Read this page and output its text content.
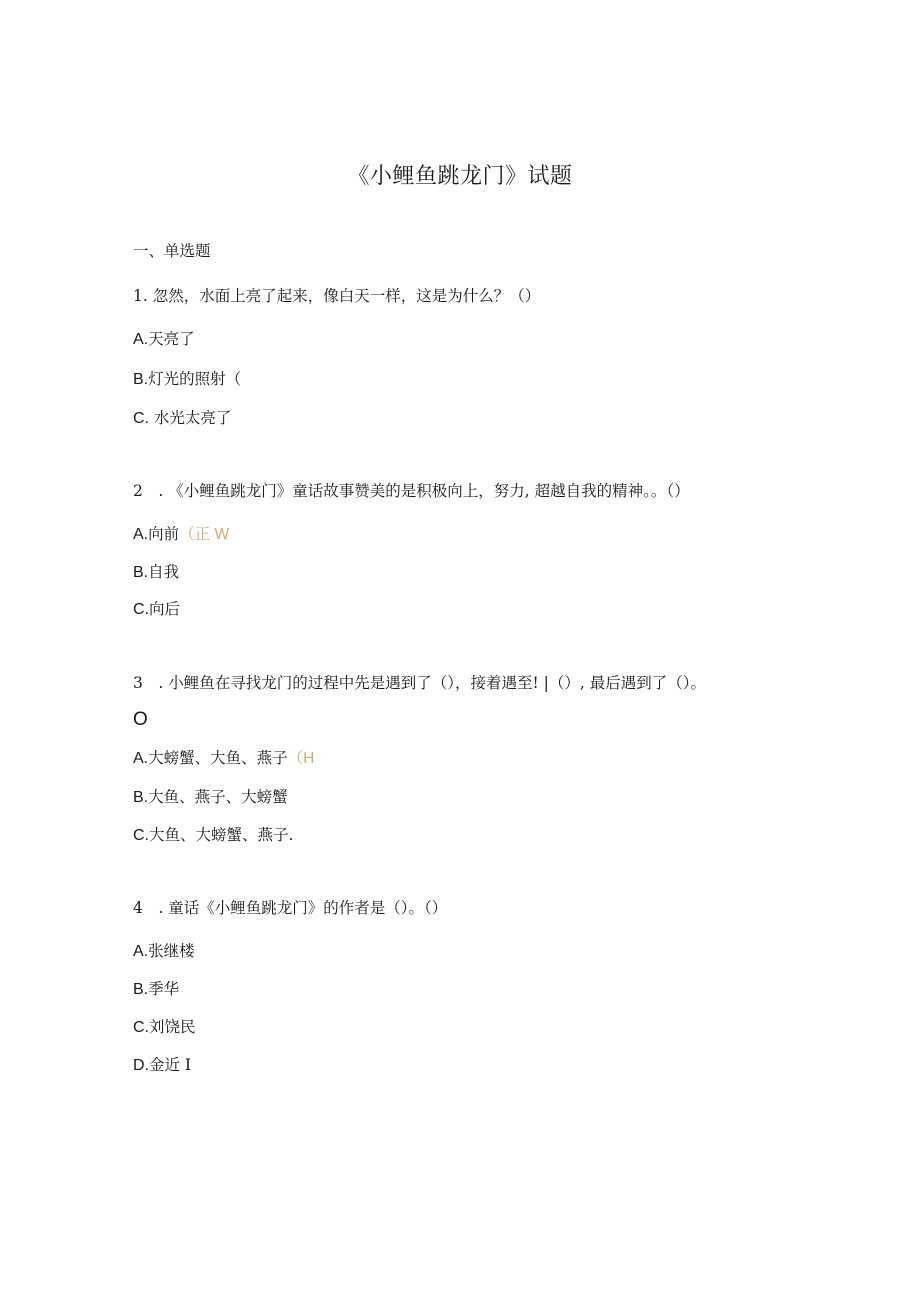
《小鲤鱼跳龙门》试题
一、单选题
1. 忽然，水面上亮了起来，像白天一样，这是为什么？（）
A.天亮了
B.灯光的照射（
C. 水光太亮了
2　. 《小鲤鱼跳龙门》童话故事赞美的是积极向上，努力, 超越自我的精神。。（）
A.向前（正 W
B.自我
C.向后
3　. 小鲤鱼在寻找龙门的过程中先是遇到了（），接着遇至! |（）, 最后遇到了（）。
O
A.大螃蟹、大鱼、燕子（H
B.大鱼、燕子、大螃蟹
C.大鱼、大螃蟹、燕子.
4　. 童话《小鲤鱼跳龙门》的作者是（）。（）
A.张继楼
B.季华
C.刘饶民
D.金近 I
